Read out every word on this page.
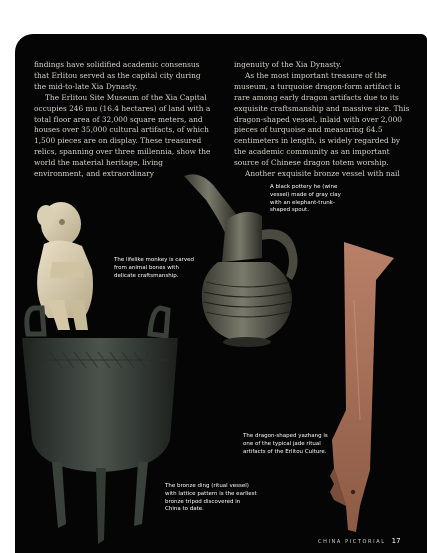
findings have solidified academic consensus that Erlitou served as the capital city during the mid-to-late Xia Dynasty.

The Erlitou Site Museum of the Xia Capital occupies 246 mu (16.4 hectares) of land with a total floor area of 32,000 square meters, and houses over 35,000 cultural artifacts, of which 1,500 pieces are on display. These treasured relics, spanning over three millennia, show the world the material heritage, living environment, and extraordinary

ingenuity of the Xia Dynasty.

As the most important treasure of the museum, a turquoise dragon-form artifact is rare among early dragon artifacts due to its exquisite craftsmanship and massive size. This dragon-shaped vessel, inlaid with over 2,000 pieces of turquoise and measuring 64.5 centimeters in length, is widely regarded by the academic community as an important source of Chinese dragon totem worship.

Another exquisite bronze vessel with nail

A black pottery he (wine vessel) made of gray clay with an elephant-trunk-shaped spout.
The lifelike monkey is carved from animal bones with delicate craftsmanship.
The dragon-shaped yazhang is one of the typical jade ritual artifacts of the Erlitou Culture.
The bronze ding (ritual vessel) with lattice pattern is the earliest bronze tripod discovered in China to date.
CHINA PICTORIAL 17
